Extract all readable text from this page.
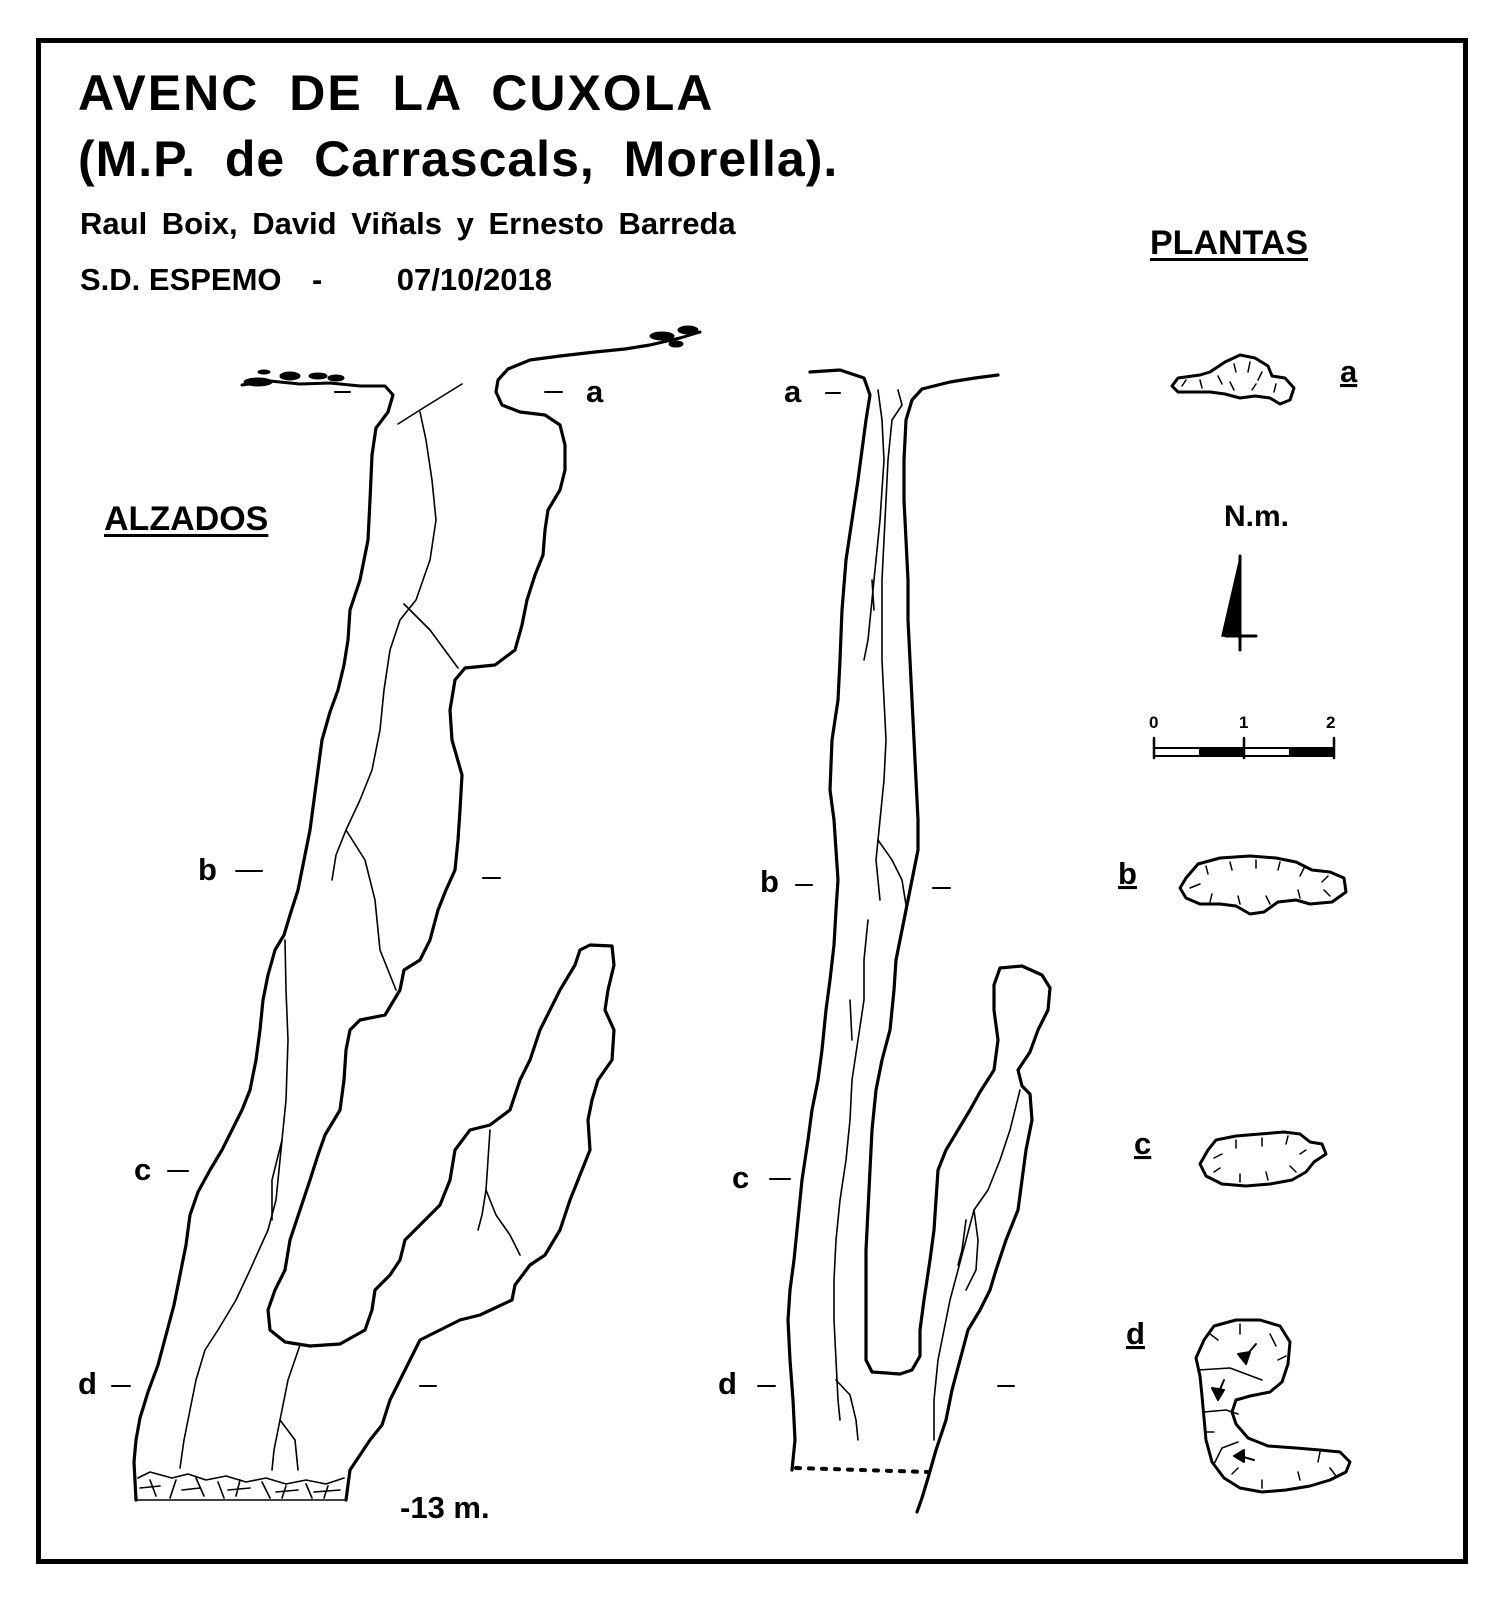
AVENC DE LA CUXOLA
(M.P. de Carrascals, Morella).
Raul Boix, David Viñals y Ernesto Barreda
S.D. ESPEMO - 07/10/2018
ALZADOS
PLANTAS
-13 m.
N.m.
0	1	2
a
b
c
d
a
b
c
d
a
b
c
d
